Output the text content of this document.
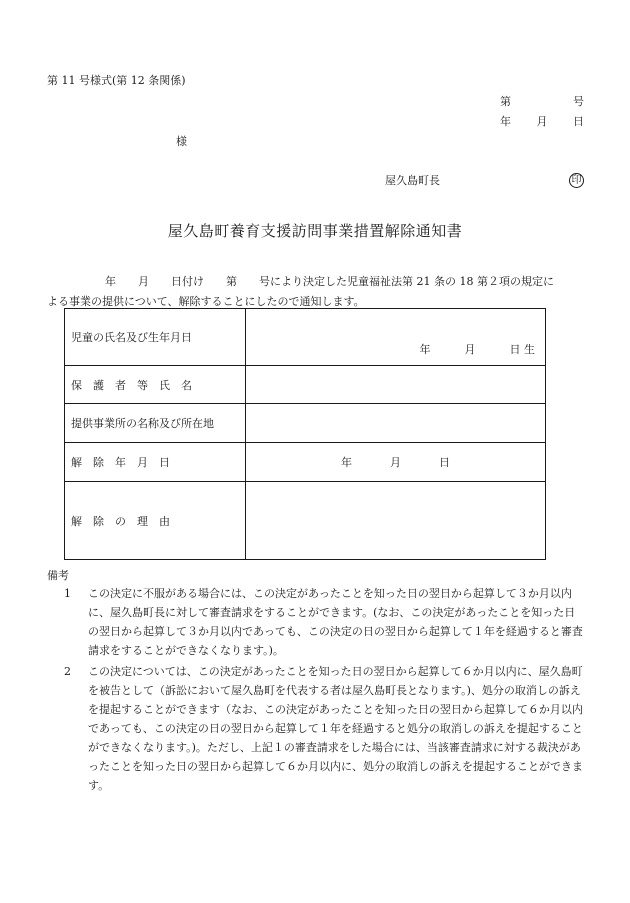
第 11 号様式(第 12 条関係)
第	号
年 月 日
様
屋久島町長	印
屋久島町養育支援訪問事業措置解除通知書
年　　月　　日付け　　第　　号により決定した児童福祉法第 21 条の 18 第２項の規定に
よる事業の提供について、解除することにしたので通知します。
児童の氏名及び生年月日	年 月 日 生

保　護　者　等　氏　名	
提供事業所の名称及び所在地	
解　除　年　月　日	年 月 日

解　除　の　理　由	
備考
1	この決定に不服がある場合には、この決定があったことを知った日の翌日から起算して３か月以内に、屋久島町長に対して審査請求をすることができます。(なお、この決定があったことを知った日の翌日から起算して３か月以内であっても、この決定の日の翌日から起算して１年を経過すると審査請求をすることができなくなります。)。
2	この決定については、この決定があったことを知った日の翌日から起算して６か月以内に、屋久島町を被告として（訴訟において屋久島町を代表する者は屋久島町長となります。)、処分の取消しの訴えを提起することができます（なお、この決定があったことを知った日の翌日から起算して６か月以内であっても、この決定の日の翌日から起算して１年を経過すると処分の取消しの訴えを提起することができなくなります。)。ただし、上記１の審査請求をした場合には、当該審査請求に対する裁決があったことを知った日の翌日から起算して６か月以内に、処分の取消しの訴えを提起することができます。
